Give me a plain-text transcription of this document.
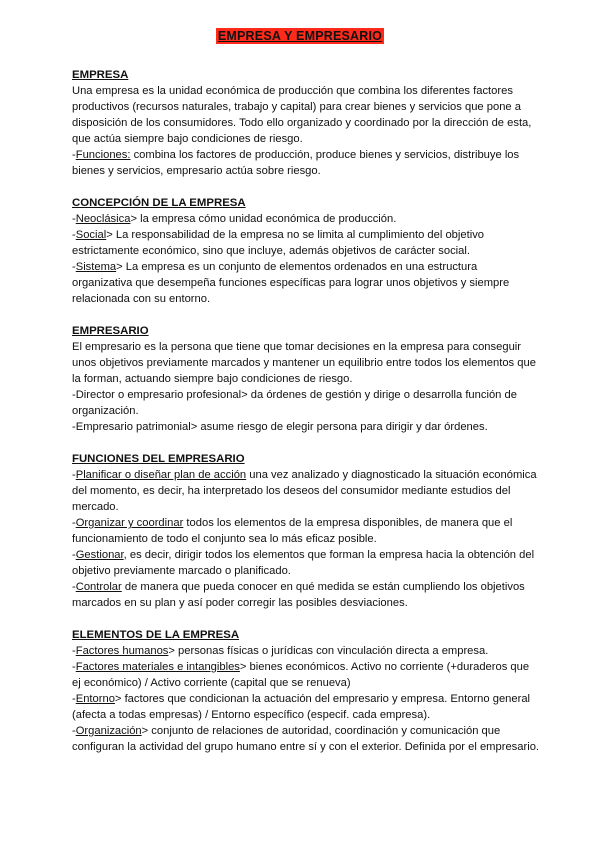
EMPRESA Y EMPRESARIO
EMPRESA

Una empresa es la unidad económica de producción que combina los diferentes factores productivos (recursos naturales, trabajo y capital) para crear bienes y servicios que pone a disposición de los consumidores. Todo ello organizado y coordinado por la dirección de esta, que actúa siempre bajo condiciones de riesgo.

-Funciones: combina los factores de producción, produce bienes y servicios, distribuye los bienes y servicios, empresario actúa sobre riesgo.

CONCEPCIÓN DE LA EMPRESA

-Neoclásica> la empresa cómo unidad económica de producción.

-Social> La responsabilidad de la empresa no se limita al cumplimiento del objetivo estrictamente económico, sino que incluye, además objetivos de carácter social.

-Sistema> La empresa es un conjunto de elementos ordenados en una estructura organizativa que desempeña funciones específicas para lograr unos objetivos y siempre relacionada con su entorno.

EMPRESARIO

El empresario es la persona que tiene que tomar decisiones en la empresa para conseguir unos objetivos previamente marcados y mantener un equilibrio entre todos los elementos que la forman, actuando siempre bajo condiciones de riesgo.

-Director o empresario profesional> da órdenes de gestión y dirige o desarrolla función de organización.

-Empresario patrimonial> asume riesgo de elegir persona para dirigir y dar órdenes.

FUNCIONES DEL EMPRESARIO

-Planificar o diseñar plan de acción una vez analizado y diagnosticado la situación económica del momento, es decir, ha interpretado los deseos del consumidor mediante estudios del mercado.

-Organizar y coordinar todos los elementos de la empresa disponibles, de manera que el funcionamiento de todo el conjunto sea lo más eficaz posible.

-Gestionar, es decir, dirigir todos los elementos que forman la empresa hacia la obtención del objetivo previamente marcado o planificado.

-Controlar de manera que pueda conocer en qué medida se están cumpliendo los objetivos marcados en su plan y así poder corregir las posibles desviaciones.

ELEMENTOS DE LA EMPRESA

-Factores humanos> personas físicas o jurídicas con vinculación directa a empresa.

-Factores materiales e intangibles> bienes económicos. Activo no corriente (+duraderos que ej económico) / Activo corriente (capital que se renueva)

-Entorno> factores que condicionan la actuación del empresario y empresa. Entorno general (afecta a todas empresas) / Entorno específico (especif. cada empresa).

-Organización> conjunto de relaciones de autoridad, coordinación y comunicación que configuran la actividad del grupo humano entre sí y con el exterior. Definida por el empresario.
